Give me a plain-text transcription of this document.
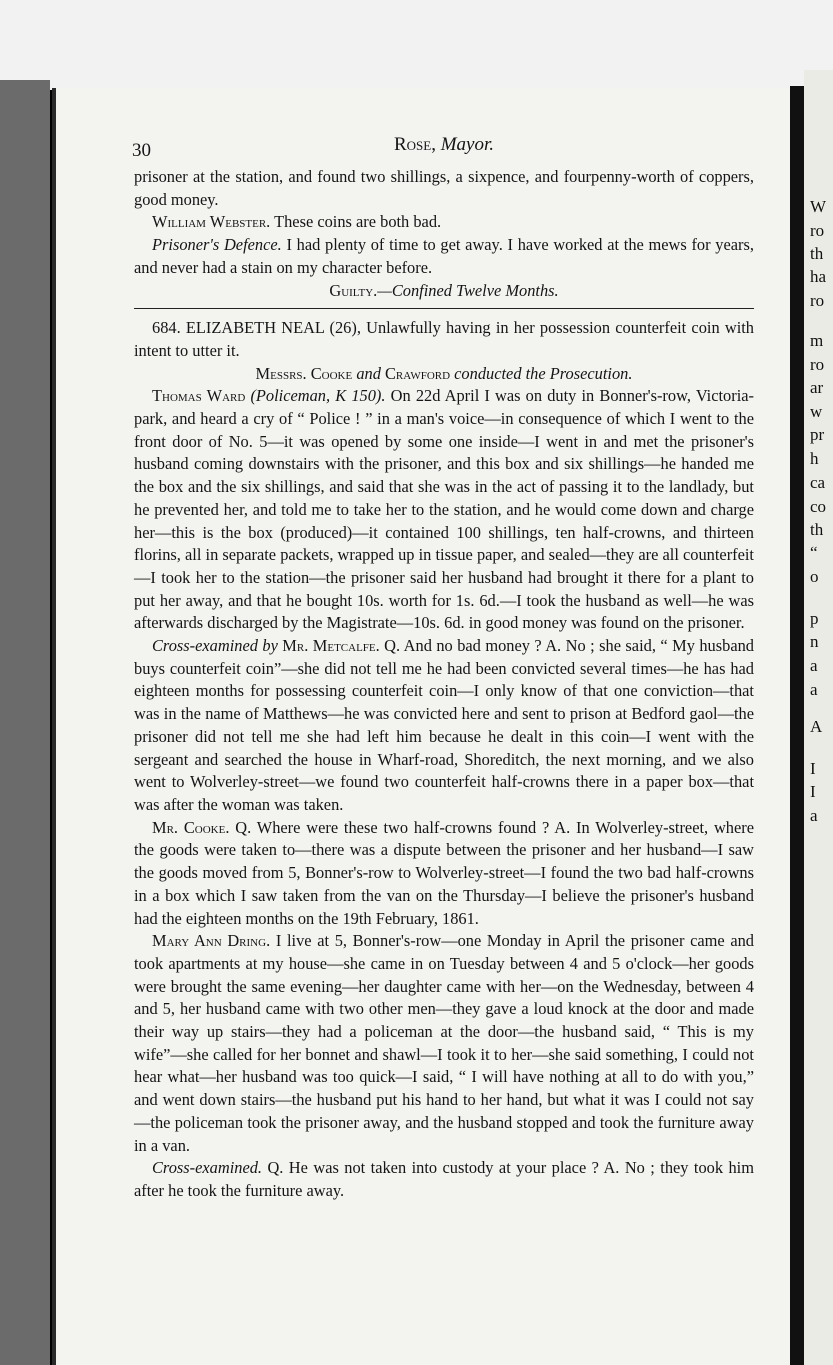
W
ro
th
ha
ro
m
ro
ar
w
pr
h
ca
co
th
“
o
p
n
a
a
A
I
I
a
30	Rose, Mayor.

prisoner at the station, and found two shillings, a sixpence, and fourpenny-worth of coppers, good money.

William Webster. These coins are both bad.

Prisoner's Defence. I had plenty of time to get away. I have worked at the mews for years, and never had a stain on my character before.

Guilty.—Confined Twelve Months.

684. ELIZABETH NEAL (26), Unlawfully having in her possession counterfeit coin with intent to utter it.

Messrs. Cooke and Crawford conducted the Prosecution.

Thomas Ward (Policeman, K 150). On 22d April I was on duty in Bonner's-row, Victoria-park, and heard a cry of “ Police ! ” in a man's voice—in consequence of which I went to the front door of No. 5—it was opened by some one inside—I went in and met the prisoner's husband coming downstairs with the prisoner, and this box and six shillings—he handed me the box and the six shillings, and said that she was in the act of passing it to the landlady, but he prevented her, and told me to take her to the station, and he would come down and charge her—this is the box (produced)—it contained 100 shillings, ten half-crowns, and thirteen florins, all in separate packets, wrapped up in tissue paper, and sealed—they are all counterfeit—I took her to the station—the prisoner said her husband had brought it there for a plant to put her away, and that he bought 10s. worth for 1s. 6d.—I took the husband as well—he was afterwards discharged by the Magistrate—10s. 6d. in good money was found on the prisoner.

Cross-examined by Mr. Metcalfe. Q. And no bad money ? A. No ; she said, “ My husband buys counterfeit coin”—she did not tell me he had been convicted several times—he has had eighteen months for possessing counterfeit coin—I only know of that one conviction—that was in the name of Matthews—he was convicted here and sent to prison at Bedford gaol—the prisoner did not tell me she had left him because he dealt in this coin—I went with the sergeant and searched the house in Wharf-road, Shoreditch, the next morning, and we also went to Wolverley-street—we found two counterfeit half-crowns there in a paper box—that was after the woman was taken.

Mr. Cooke. Q. Where were these two half-crowns found ? A. In Wolverley-street, where the goods were taken to—there was a dispute between the prisoner and her husband—I saw the goods moved from 5, Bonner's-row to Wolverley-street—I found the two bad half-crowns in a box which I saw taken from the van on the Thursday—I believe the prisoner's husband had the eighteen months on the 19th February, 1861.

Mary Ann Dring. I live at 5, Bonner's-row—one Monday in April the prisoner came and took apartments at my house—she came in on Tuesday between 4 and 5 o'clock—her goods were brought the same evening—her daughter came with her—on the Wednesday, between 4 and 5, her husband came with two other men—they gave a loud knock at the door and made their way up stairs—they had a policeman at the door—the husband said, “ This is my wife”—she called for her bonnet and shawl—I took it to her—she said something, I could not hear what—her husband was too quick—I said, “ I will have nothing at all to do with you,” and went down stairs—the husband put his hand to her hand, but what it was I could not say—the policeman took the prisoner away, and the husband stopped and took the furniture away in a van.

Cross-examined. Q. He was not taken into custody at your place ? A. No ; they took him after he took the furniture away.
